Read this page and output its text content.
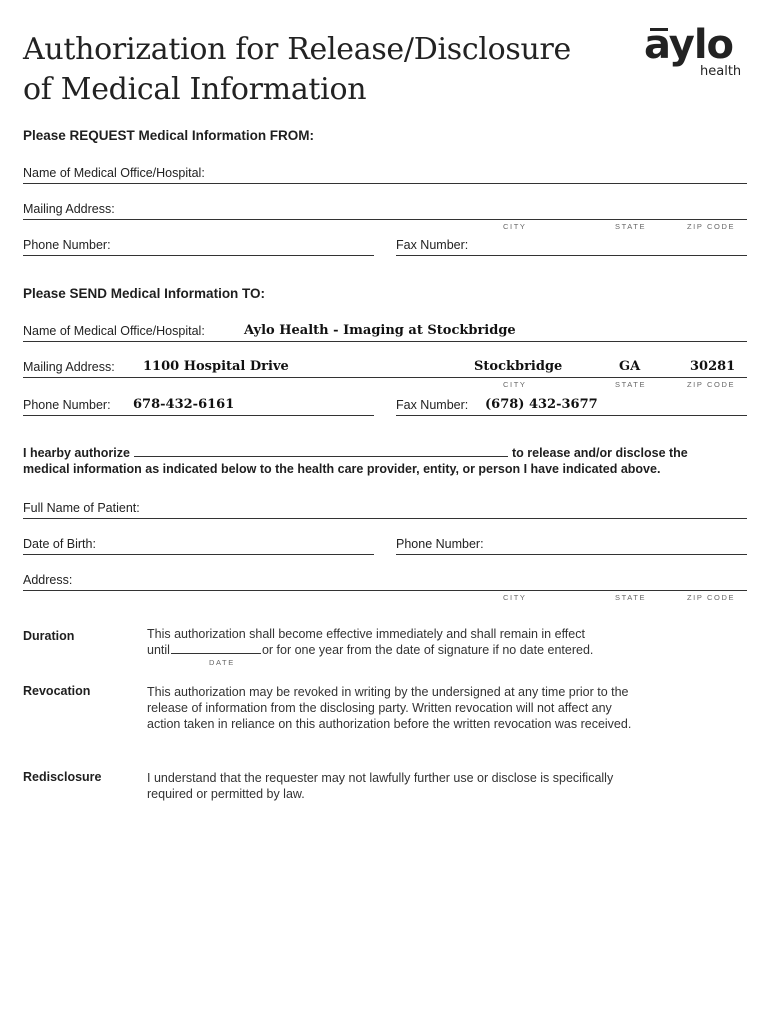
Authorization for Release/Disclosure
of Medical Information
aylo
health
Please REQUEST Medical Information FROM:
Name of Medical Office/Hospital:
Mailing Address:
CITY	STATE	ZIP CODE
Phone Number:	Fax Number:
Please SEND Medical Information TO:
Name of Medical Office/Hospital:	Aylo Health - Imaging at Stockbridge
Mailing Address: 1100 Hospital Drive	Stockbridge	GA	30281
CITY	STATE	ZIP CODE
Phone Number: 678-432-6161	Fax Number: (678) 432-3677
I hearby authorize	to release and/or disclose the
medical information as indicated below to the health care provider, entity, or person I have indicated above.
Full Name of Patient:
Date of Birth:	Phone Number:
Address:
CITY	STATE	ZIP CODE
Duration	This authorization shall become effective immediately and shall remain in effect
until	or for one year from the date of signature if no date entered.
DATE
Revocation	This authorization may be revoked in writing by the undersigned at any time prior to the release of information from the disclosing party. Written revocation will not affect any action taken in reliance on this authorization before the written revocation was received.
Redisclosure	I understand that the requester may not lawfully further use or disclose is specifically required or permitted by law.
